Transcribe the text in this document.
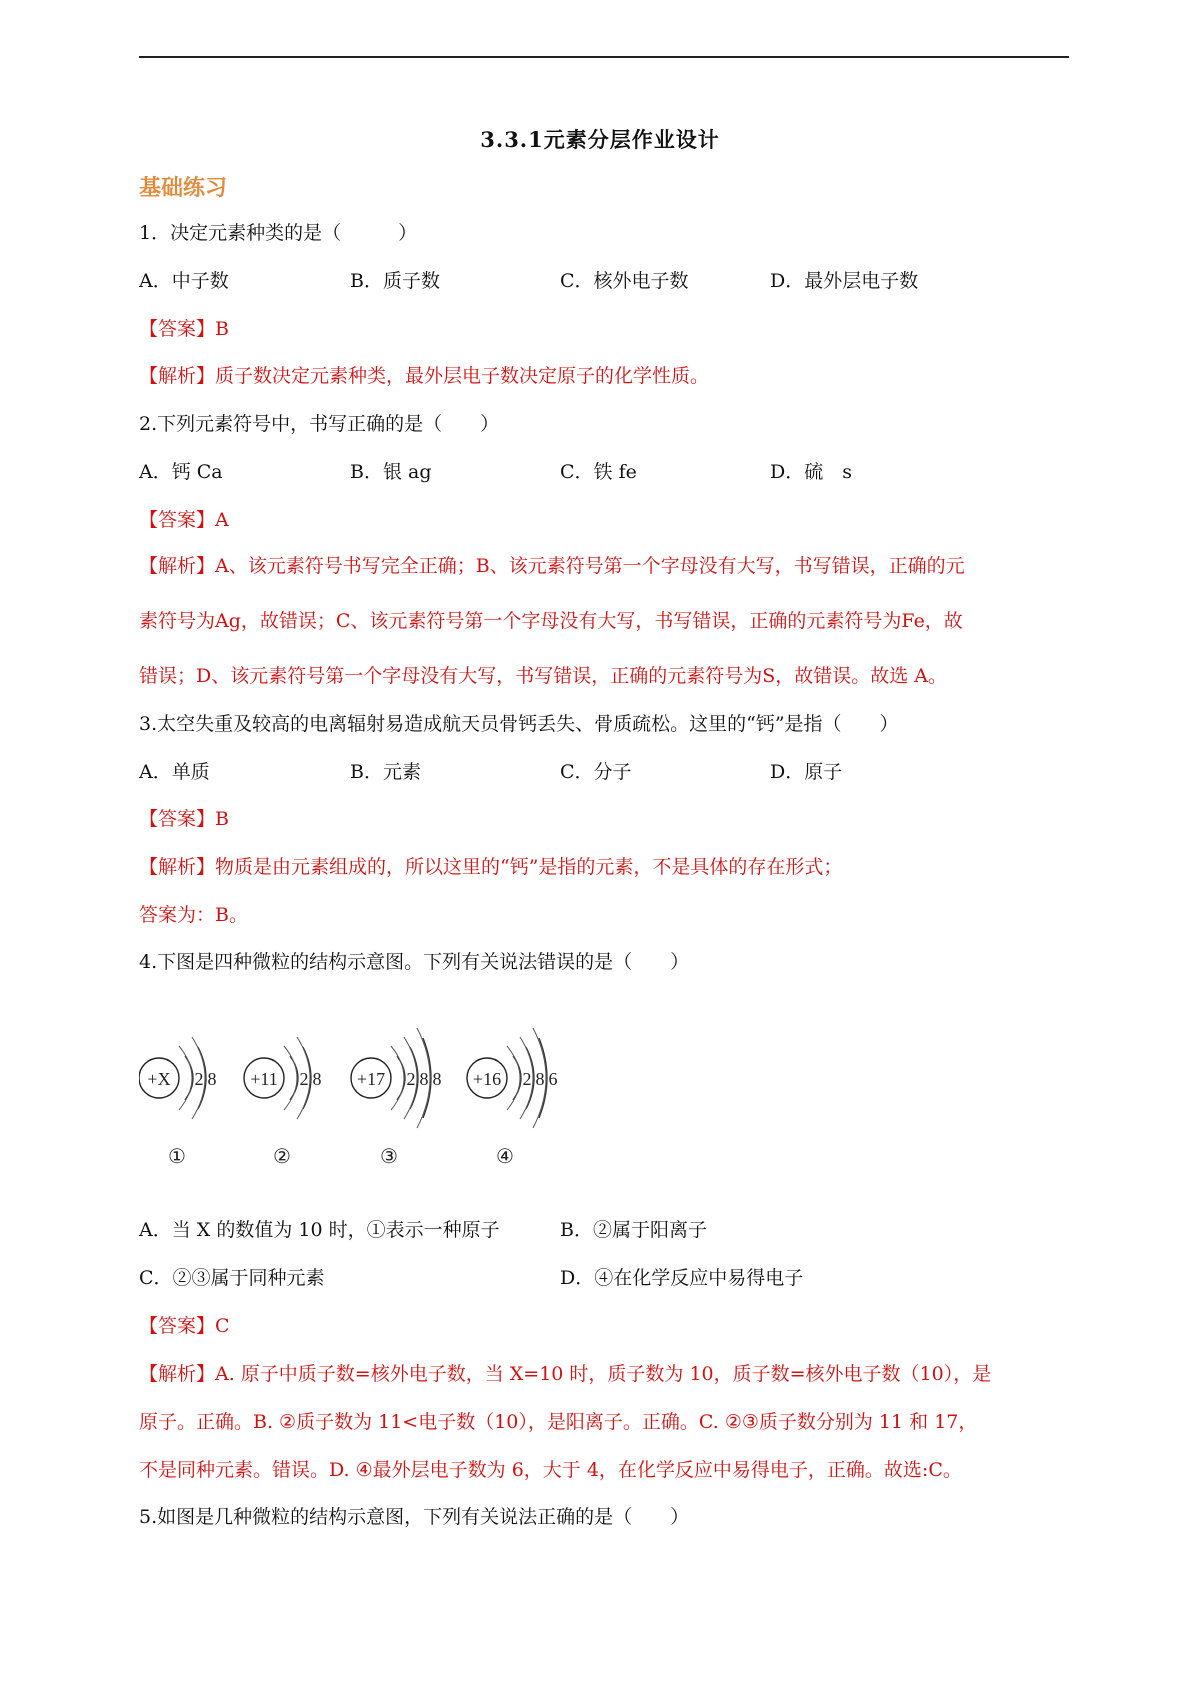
3.3.1元素分层作业设计
基础练习
1．决定元素种类的是（　　　）
A．中子数	B．质子数	C．核外电子数	D．最外层电子数
【答案】B
【解析】质子数决定元素种类，最外层电子数决定原子的化学性质。
2.下列元素符号中，书写正确的是（　　）
A．钙 Ca	B．银 ag	C．铁 fe	D．硫　s
【答案】A
【解析】A、该元素符号书写完全正确；B、该元素符号第一个字母没有大写，书写错误，正确的元
素符号为Ag，故错误；C、该元素符号第一个字母没有大写，书写错误，正确的元素符号为Fe，故
错误；D、该元素符号第一个字母没有大写，书写错误，正确的元素符号为S，故错误。故选 A。
3.太空失重及较高的电离辐射易造成航天员骨钙丢失、骨质疏松。这里的“钙”是指（　　）
A．单质	B．元素	C．分子	D．原子
【答案】B
【解析】物质是由元素组成的，所以这里的“钙”是指的元素，不是具体的存在形式；
答案为：B。
4.下图是四种微粒的结构示意图。下列有关说法错误的是（　　）
+X 2 8
①
+11 2 8
②
+17 2 8 8
③
+16 2 8 6
④
A．当 X 的数值为 10 时，①表示一种原子	B．②属于阳离子
C．②③属于同种元素	D．④在化学反应中易得电子
【答案】C
【解析】A. 原子中质子数=核外电子数，当 X=10 时，质子数为 10，质子数=核外电子数（10），是
原子。正确。B. ②质子数为 11<电子数（10），是阳离子。正确。C. ②③质子数分别为 11 和 17，
不是同种元素。错误。D. ④最外层电子数为 6，大于 4，在化学反应中易得电子，正确。故选:C。
5.如图是几种微粒的结构示意图，下列有关说法正确的是（　　）
